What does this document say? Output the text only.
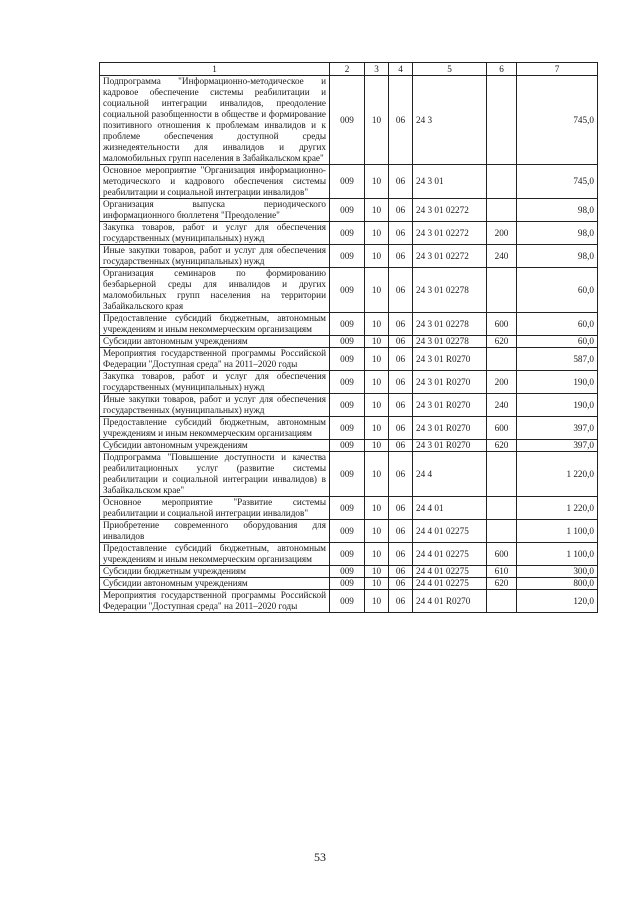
1	2	3	4	5	6	7
Подпрограмма "Информационно-методическое и кадровое обеспечение системы реабилитации и социальной интеграции инвалидов, преодоление социальной разобщенности в обществе и формирование позитивного отношения к проблемам инвалидов и к проблеме обеспечения доступной среды жизнедеятельности для инвалидов и других маломобильных групп населения в Забайкальском крае"	009	10	06	24 3		745,0
Основное мероприятие "Организация информационно-методического и кадрового обеспечения системы реабилитации и социальной интеграции инвалидов"	009	10	06	24 3 01		745,0
Организация выпуска периодического информационного бюллетеня "Преодоление"	009	10	06	24 3 01 02272		98,0
Закупка товаров, работ и услуг для обеспечения государственных (муниципальных) нужд	009	10	06	24 3 01 02272	200	98,0
Иные закупки товаров, работ и услуг для обеспечения государственных (муниципальных) нужд	009	10	06	24 3 01 02272	240	98,0
Организация семинаров по формированию безбарьерной среды для инвалидов и других маломобильных групп населения на территории Забайкальского края	009	10	06	24 3 01 02278		60,0
Предоставление субсидий бюджетным, автономным учреждениям и иным некоммерческим организациям	009	10	06	24 3 01 02278	600	60,0
Субсидии автономным учреждениям	009	10	06	24 3 01 02278	620	60,0
Мероприятия государственной программы Российской Федерации "Доступная среда" на 2011–2020 годы	009	10	06	24 3 01 R0270		587,0
Закупка товаров, работ и услуг для обеспечения государственных (муниципальных) нужд	009	10	06	24 3 01 R0270	200	190,0
Иные закупки товаров, работ и услуг для обеспечения государственных (муниципальных) нужд	009	10	06	24 3 01 R0270	240	190,0
Предоставление субсидий бюджетным, автономным учреждениям и иным некоммерческим организациям	009	10	06	24 3 01 R0270	600	397,0
Субсидии автономным учреждениям	009	10	06	24 3 01 R0270	620	397,0
Подпрограмма "Повышение доступности и качества реабилитационных услуг (развитие системы реабилитации и социальной интеграции инвалидов) в Забайкальском крае"	009	10	06	24 4		1 220,0
Основное мероприятие "Развитие системы реабилитации и социальной интеграции инвалидов"	009	10	06	24 4 01		1 220,0
Приобретение современного оборудования для инвалидов	009	10	06	24 4 01 02275		1 100,0
Предоставление субсидий бюджетным, автономным учреждениям и иным некоммерческим организациям	009	10	06	24 4 01 02275	600	1 100,0
Субсидии бюджетным учреждениям	009	10	06	24 4 01 02275	610	300,0
Субсидии автономным учреждениям	009	10	06	24 4 01 02275	620	800,0
Мероприятия государственной программы Российской Федерации "Доступная среда" на 2011–2020 годы	009	10	06	24 4 01 R0270		120,0
53
